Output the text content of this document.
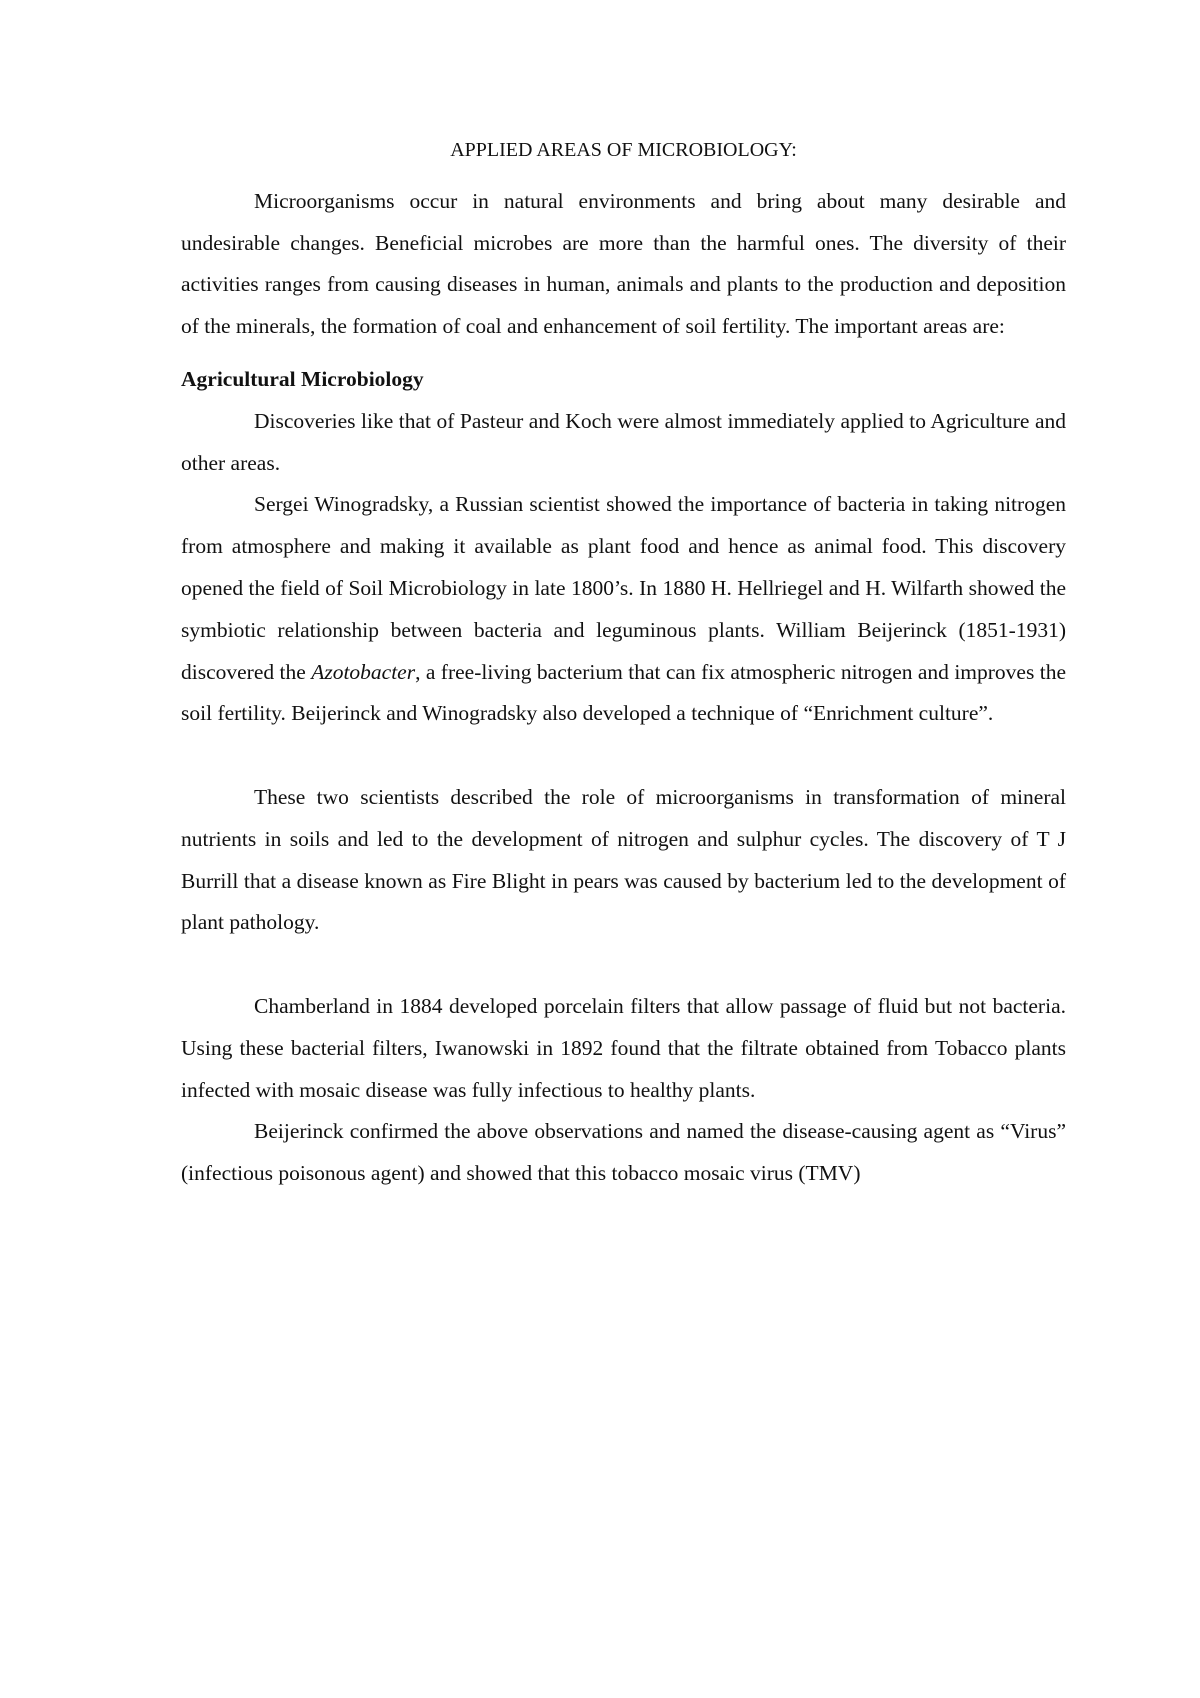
APPLIED AREAS OF MICROBIOLOGY:

Microorganisms occur in natural environments and bring about many desirable and undesirable changes. Beneficial microbes are more than the harmful ones. The diversity of their activities ranges from causing diseases in human, animals and plants to the production and deposition of the minerals, the formation of coal and enhancement of soil fertility. The important areas are:

Agricultural Microbiology

Discoveries like that of Pasteur and Koch were almost immediately applied to Agriculture and other areas.

Sergei Winogradsky, a Russian scientist showed the importance of bacteria in taking nitrogen from atmosphere and making it available as plant food and hence as animal food. This discovery opened the field of Soil Microbiology in late 1800’s. In 1880 H. Hellriegel and H. Wilfarth showed the symbiotic relationship between bacteria and leguminous plants. William Beijerinck (1851-1931) discovered the Azotobacter, a free-living bacterium that can fix atmospheric nitrogen and improves the soil fertility. Beijerinck and Winogradsky also developed a technique of “Enrichment culture”.

These two scientists described the role of microorganisms in transformation of mineral nutrients in soils and led to the development of nitrogen and sulphur cycles. The discovery of T J Burrill that a disease known as Fire Blight in pears was caused by bacterium led to the development of plant pathology.

Chamberland in 1884 developed porcelain filters that allow passage of fluid but not bacteria. Using these bacterial filters, Iwanowski in 1892 found that the filtrate obtained from Tobacco plants infected with mosaic disease was fully infectious to healthy plants.

Beijerinck confirmed the above observations and named the disease-causing agent as “Virus” (infectious poisonous agent) and showed that this tobacco mosaic virus (TMV)
